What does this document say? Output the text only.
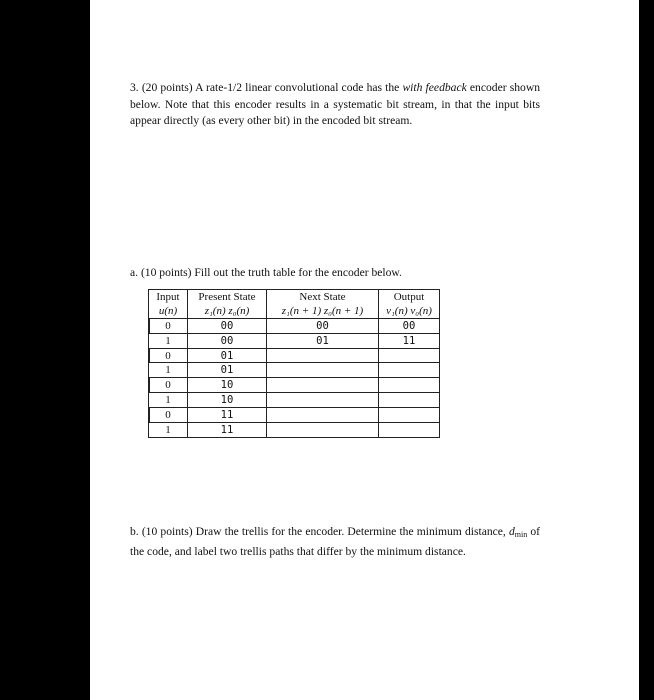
3. (20 points) A rate-1/2 linear convolutional code has the with feedback encoder shown below. Note that this encoder results in a systematic bit stream, in that the input bits appear directly (as every other bit) in the encoded bit stream.
a. (10 points) Fill out the truth table for the encoder below.
Input	Present State	Next State	Output
u(n)	z₁(n) z₀(n)	z₁(n + 1) z₀(n + 1)	v₁(n) v₀(n)
0	00	00	00
1	00	01	11
0	01		
1	01		
0	10		
1	10		
0	11		
1	11		
b. (10 points) Draw the trellis for the encoder. Determine the minimum distance, $d_{min}$ of the code, and label two trellis paths that differ by the minimum distance.
